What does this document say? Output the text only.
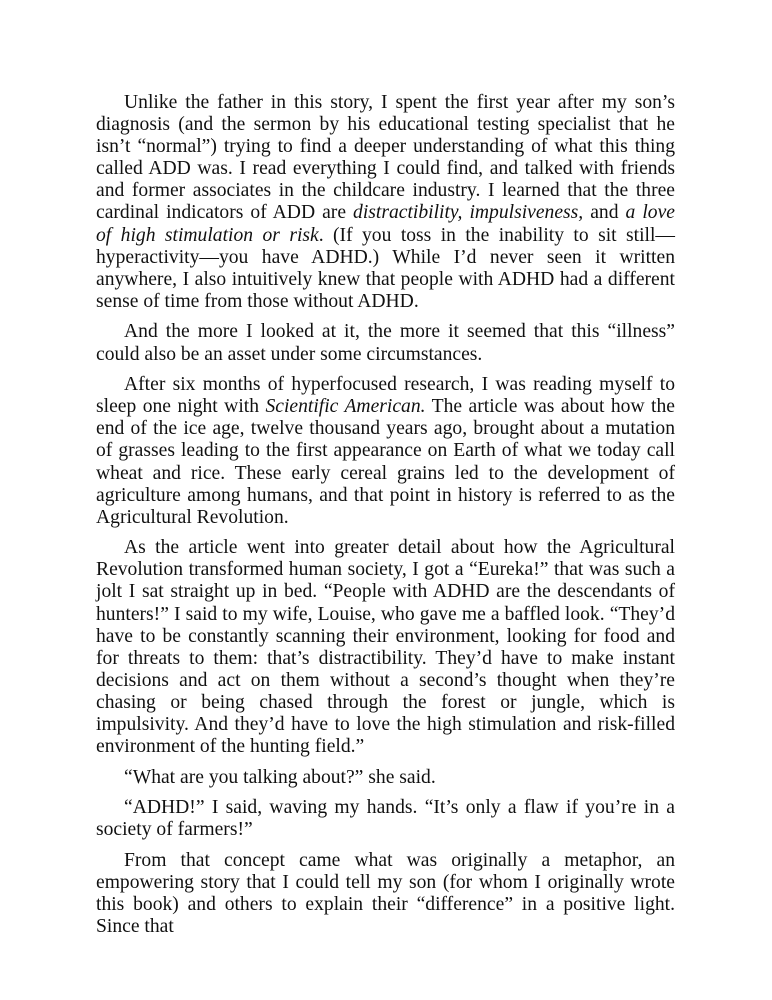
Unlike the father in this story, I spent the first year after my son’s diagnosis (and the sermon by his educational testing specialist that he isn’t “normal”) trying to find a deeper understanding of what this thing called ADD was. I read everything I could find, and talked with friends and former associates in the childcare industry. I learned that the three cardinal indicators of ADD are distractibility, impulsiveness, and a love of high stimulation or risk. (If you toss in the inability to sit still—hyperactivity—you have ADHD.) While I’d never seen it written anywhere, I also intuitively knew that people with ADHD had a different sense of time from those without ADHD.

And the more I looked at it, the more it seemed that this “illness” could also be an asset under some circumstances.

After six months of hyperfocused research, I was reading myself to sleep one night with Scientific American. The article was about how the end of the ice age, twelve thousand years ago, brought about a mutation of grasses leading to the first appearance on Earth of what we today call wheat and rice. These early cereal grains led to the development of agriculture among humans, and that point in history is referred to as the Agricultural Revolution.

As the article went into greater detail about how the Agricultural Revolution transformed human society, I got a “Eureka!” that was such a jolt I sat straight up in bed. “People with ADHD are the descendants of hunters!” I said to my wife, Louise, who gave me a baffled look. “They’d have to be constantly scanning their environment, looking for food and for threats to them: that’s distractibility. They’d have to make instant decisions and act on them without a second’s thought when they’re chasing or being chased through the forest or jungle, which is impulsivity. And they’d have to love the high stimulation and risk-filled environment of the hunting field.”

“What are you talking about?” she said.

“ADHD!” I said, waving my hands. “It’s only a flaw if you’re in a society of farmers!”

From that concept came what was originally a metaphor, an empowering story that I could tell my son (for whom I originally wrote this book) and others to explain their “difference” in a positive light. Since that
